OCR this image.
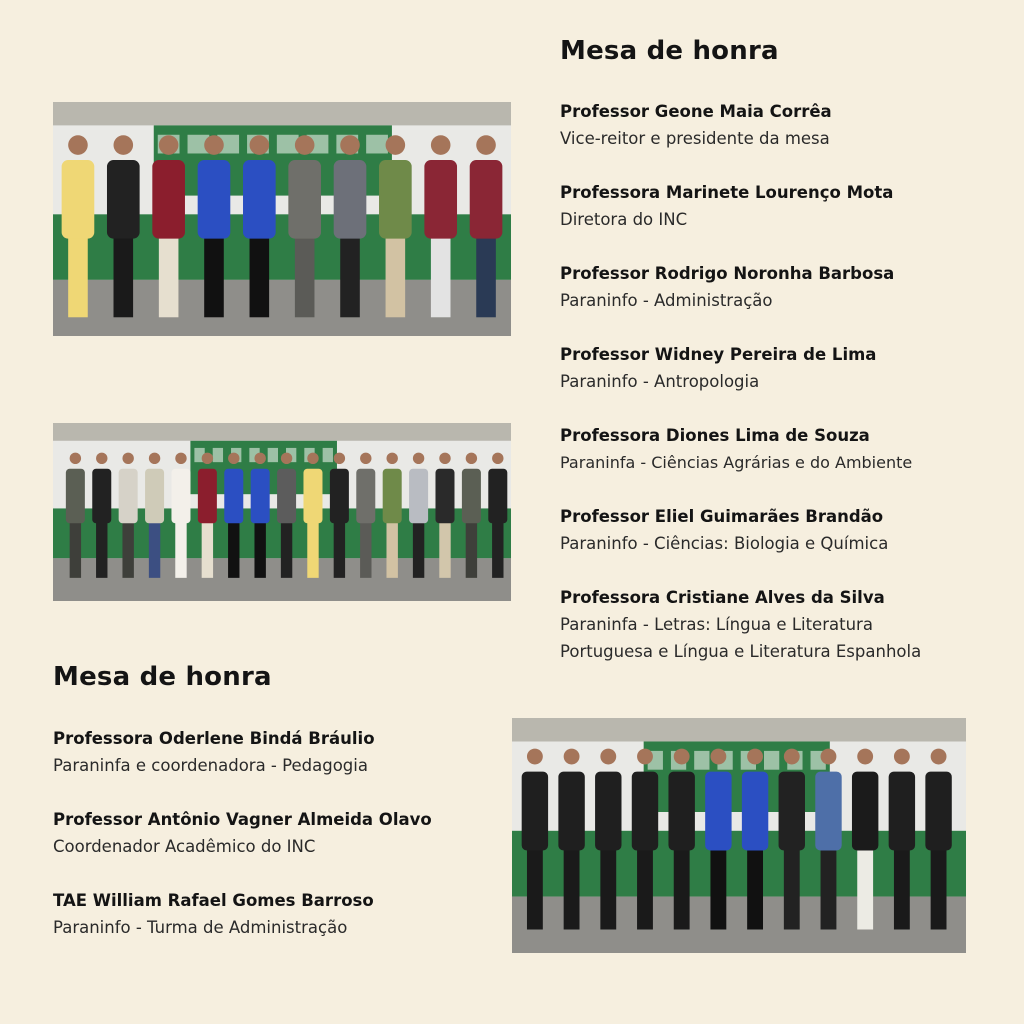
Mesa de honra
Professor Geone Maia Corrêa
Vice-reitor e presidente da mesa
Professora Marinete Lourenço Mota
Diretora do INC
Professor Rodrigo Noronha Barbosa
Paraninfo - Administração
Professor Widney Pereira de Lima
Paraninfo - Antropologia
Professora Diones Lima de Souza
Paraninfa - Ciências Agrárias e do Ambiente
Professor Eliel Guimarães Brandão
Paraninfo - Ciências: Biologia e Química
Professora Cristiane Alves da Silva
Paraninfa - Letras: Língua e Literatura Portuguesa e Língua e Literatura Espanhola
Mesa de honra
Professora Oderlene Bindá Bráulio
Paraninfa e coordenadora - Pedagogia
Professor Antônio Vagner Almeida Olavo
Coordenador Acadêmico do INC
TAE William Rafael Gomes Barroso
Paraninfo - Turma de Administração
